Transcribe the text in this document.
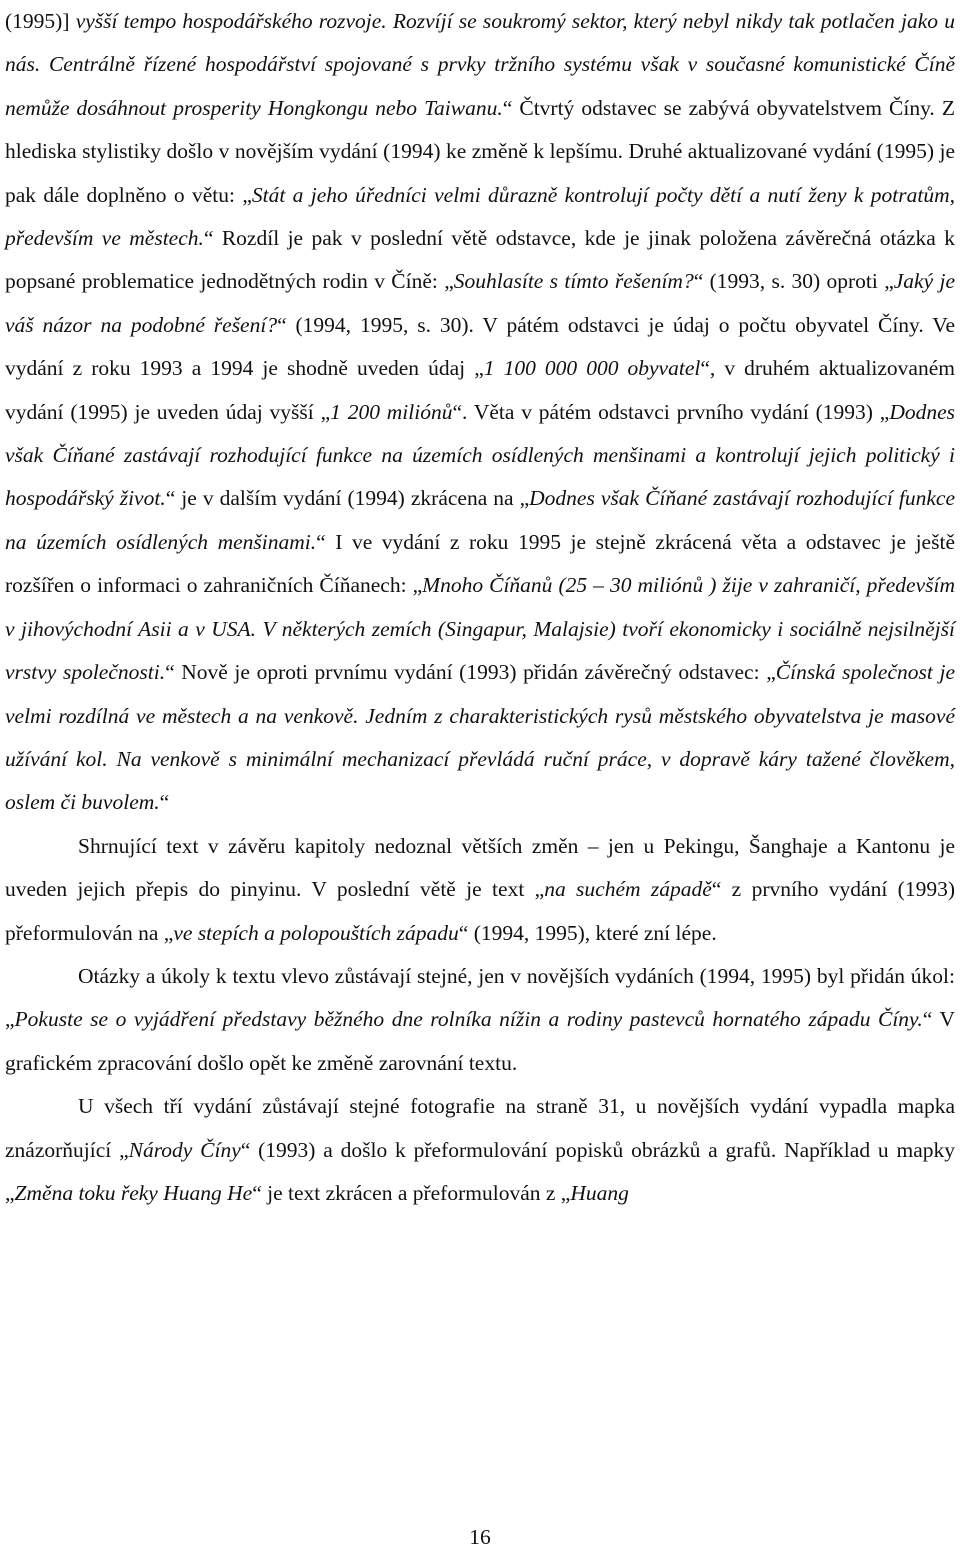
(1995)] vyšší tempo hospodářského rozvoje. Rozvíjí se soukromý sektor, který nebyl nikdy tak potlačen jako u nás. Centrálně řízené hospodářství spojované s prvky tržního systému však v současné komunistické Číně nemůže dosáhnout prosperity Hongkongu nebo Taiwanu.“ Čtvrtý odstavec se zabývá obyvatelstvem Číny. Z hlediska stylistiky došlo v novějším vydání (1994) ke změně k lepšímu. Druhé aktualizované vydání (1995) je pak dále doplněno o větu: „Stát a jeho úředníci velmi důrazně kontrolují počty dětí a nutí ženy k potratům, především ve městech.“ Rozdíl je pak v poslední větě odstavce, kde je jinak položena závěrečná otázka k popsané problematice jednodětných rodin v Číně: „Souhlasíte s tímto řešením?“ (1993, s. 30) oproti „Jaký je váš názor na podobné řešení?“ (1994, 1995, s. 30). V pátém odstavci je údaj o počtu obyvatel Číny. Ve vydání z roku 1993 a 1994 je shodně uveden údaj „1 100 000 000 obyvatel“, v druhém aktualizovaném vydání (1995) je uveden údaj vyšší „1 200 miliónů“. Věta v pátém odstavci prvního vydání (1993) „Dodnes však Číňané zastávají rozhodující funkce na územích osídlených menšinami a kontrolují jejich politický i hospodářský život.“ je v dalším vydání (1994) zkrácena na „Dodnes však Číňané zastávají rozhodující funkce na územích osídlených menšinami.“ I ve vydání z roku 1995 je stejně zkrácená věta a odstavec je ještě rozšířen o informaci o zahraničních Číňanech: „Mnoho Číňanů (25 – 30 miliónů ) žije v zahraničí, především v jihovýchodní Asii a v USA. V některých zemích (Singapur, Malajsie) tvoří ekonomicky i sociálně nejsilnější vrstvy společnosti.“ Nově je oproti prvnímu vydání (1993) přidán závěrečný odstavec: „Čínská společnost je velmi rozdílná ve městech a na venkově. Jedním z charakteristických rysů městského obyvatelstva je masové užívání kol. Na venkově s minimální mechanizací převládá ruční práce, v dopravě káry tažené člověkem, oslem či buvolem.“

Shrnující text v závěru kapitoly nedoznal větších změn – jen u Pekingu, Šanghaje a Kantonu je uveden jejich přepis do pinyinu. V poslední větě je text „na suchém západě“ z prvního vydání (1993) přeformulován na „ve stepích a polopouštích západu“ (1994, 1995), které zní lépe.

Otázky a úkoly k textu vlevo zůstávají stejné, jen v novějších vydáních (1994, 1995) byl přidán úkol: „Pokuste se o vyjádření představy běžného dne rolníka nížin a rodiny pastevců hornatého západu Číny.“ V grafickém zpracování došlo opět ke změně zarovnání textu.

U všech tří vydání zůstávají stejné fotografie na straně 31, u novějších vydání vypadla mapka znázorňující „Národy Číny“ (1993) a došlo k přeformulování popisků obrázků a grafů. Například u mapky „Změna toku řeky Huang He“ je text zkrácen a přeformulován z „Huang

16
